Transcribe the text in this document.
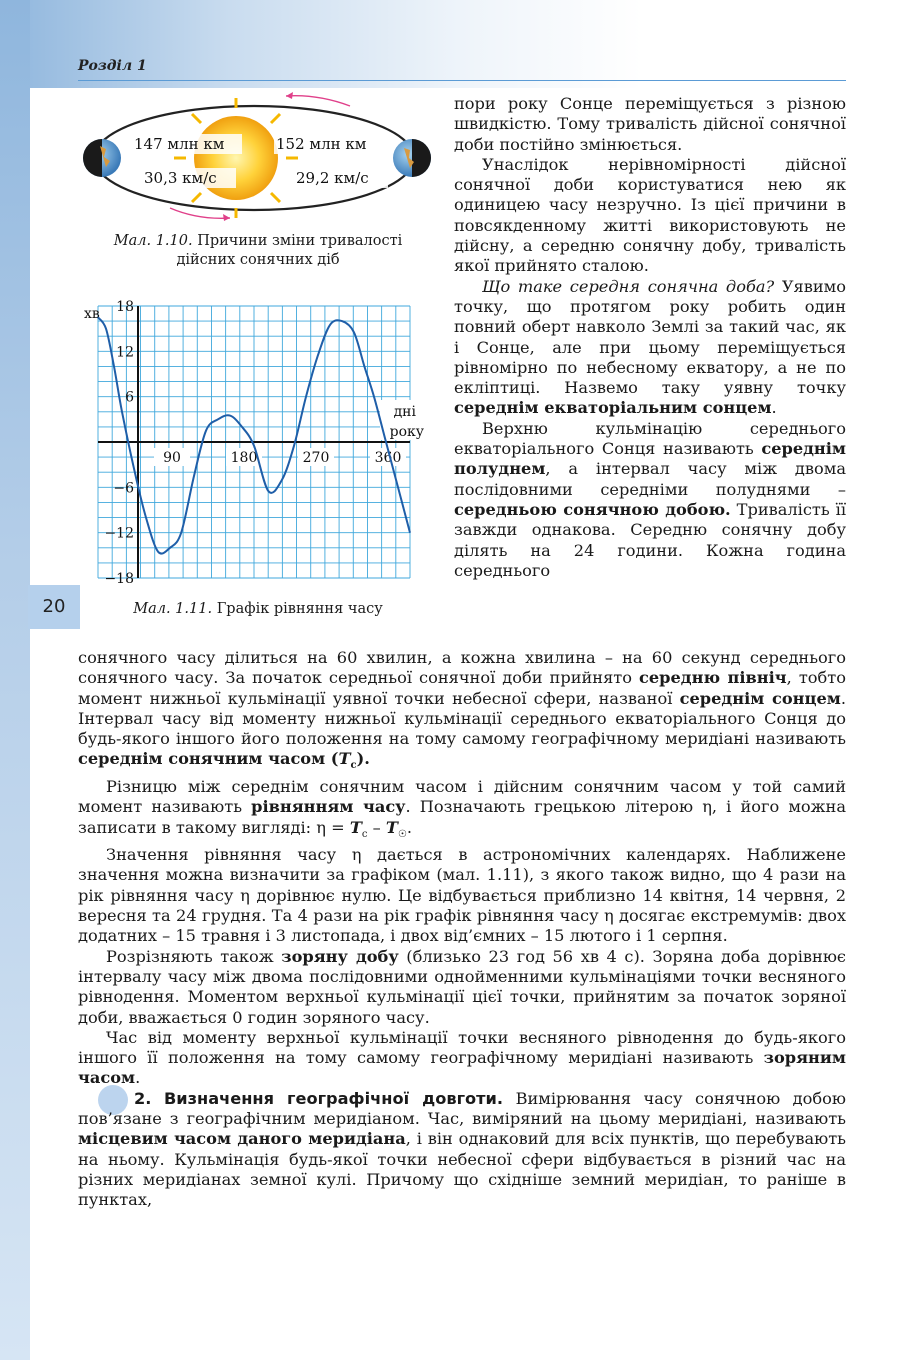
Розділ 1
20
147 млн км
30,3 км/с
152 млн км
29,2 км/с
Мал. 1.10. Причини зміни тривалості
дійсних сонячних діб
18
12
6
−6
−12
−18
90	180	270	360
хв
дні
року
Мал. 1.11. Графік рівняння часу

пори року Сонце переміщується з різною швидкістю. Тому тривалість дійсної сонячної доби постійно змінюється.

Унаслідок нерівномірності дійсної сонячної доби користуватися нею як одиницею часу незручно. Із цієї причини в повсякденному житті використовують не дійсну, а середню сонячну добу, тривалість якої прийнято сталою.

Що таке середня сонячна доба? Уявимо точку, що протягом року робить один повний оберт навколо Землі за такий час, як і Сонце, але при цьому переміщується рівномірно по небесному екватору, а не по екліптиці. Назвемо таку уявну точку середнім екваторіальним сонцем.

Верхню кульмінацію середнього екваторіального Сонця називають середнім полуднем, а інтервал часу між двома послідовними середніми полуднями – середньою сонячною добою. Тривалість її завжди однакова. Середню сонячну добу ділять на 24 години. Кожна година середнього

сонячного часу ділиться на 60 хвилин, а кожна хвилина – на 60 секунд середнього сонячного часу. За початок середньої сонячної доби прийнято середню північ, тобто момент нижньої кульмінації уявної точки небесної сфери, названої середнім сонцем. Інтервал часу від моменту нижньої кульмінації середнього екваторіального Сонця до будь-якого іншого його положення на тому самому географічному меридіані називають середнім сонячним часом $(T_c)$.

Різницю між середнім сонячним часом і дійсним сонячним часом у той самий момент називають рівнянням часу. Позначають грецькою літерою η, і його можна записати в такому вигляді: $\eta = T_c - T_☉$.

Значення рівняння часу η дається в астрономічних календарях. Наближене значення можна визначити за графіком (мал. 1.11), з якого також видно, що 4 рази на рік рівняння часу η дорівнює нулю. Це відбувається приблизно 14 квітня, 14 червня, 2 вересня та 24 грудня. Та 4 рази на рік графік рівняння часу η досягає екстремумів: двох додатних – 15 травня і 3 листопада, і двох від’ємних – 15 лютого і 1 серпня.

Розрізняють також зоряну добу (близько 23 год 56 хв 4 с). Зоряна доба дорівнює інтервалу часу між двома послідовними однойменними кульмінаціями точки весняного рівнодення. Моментом верхньої кульмінації цієї точки, прийнятим за початок зоряної доби, вважається 0 годин зоряного часу.

Час від моменту верхньої кульмінації точки весняного рівнодення до будь-якого іншого її положення на тому самому географічному меридіані називають зоряним часом.

2. Визначення географічної довготи. Вимірювання часу сонячною добою пов’язане з географічним меридіаном. Час, виміряний на цьому меридіані, називають місцевим часом даного меридіана, і він однаковий для всіх пунктів, що перебувають на ньому. Кульмінація будь-якої точки небесної сфери відбувається в різний час на різних меридіанах земної кулі. Причому що східніше земний меридіан, то раніше в пунктах,
